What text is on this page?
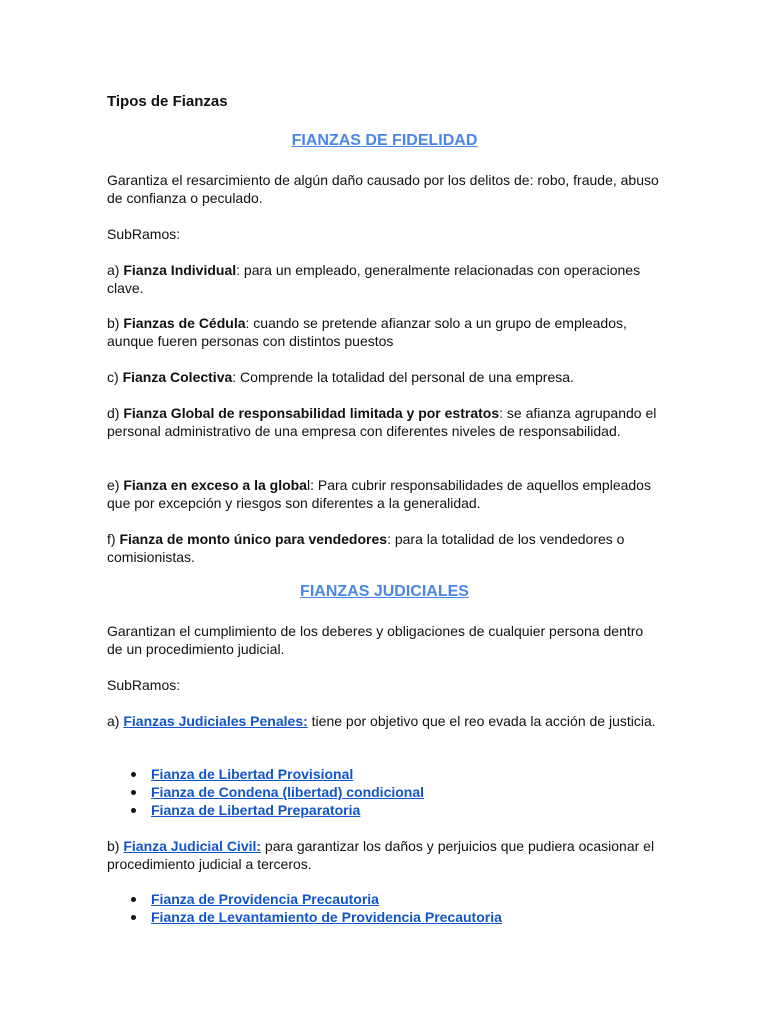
Tipos de Fianzas
FIANZAS DE FIDELIDAD

Garantiza el resarcimiento de algún daño causado por los delitos de: robo, fraude, abuso de confianza o peculado.

SubRamos:

a) Fianza Individual: para un empleado, generalmente relacionadas con operaciones clave.

b) Fianzas de Cédula: cuando se pretende afianzar solo a un grupo de empleados, aunque fueren personas con distintos puestos

c) Fianza Colectiva: Comprende la totalidad del personal de una empresa.

d) Fianza Global de responsabilidad limitada y por estratos: se afianza agrupando el personal administrativo de una empresa con diferentes niveles de responsabilidad.

e) Fianza en exceso a la global: Para cubrir responsabilidades de aquellos empleados que por excepción y riesgos son diferentes a la generalidad.

f) Fianza de monto único para vendedores: para la totalidad de los vendedores o comisionistas.

FIANZAS JUDICIALES

Garantizan el cumplimiento de los deberes y obligaciones de cualquier persona dentro de un procedimiento judicial.

SubRamos:

a) Fianzas Judiciales Penales: tiene por objetivo que el reo evada la acción de justicia.

Fianza de Libertad Provisional
Fianza de Condena (libertad) condicional
Fianza de Libertad Preparatoria

b) Fianza Judicial Civil: para garantizar los daños y perjuicios que pudiera ocasionar el procedimiento judicial a terceros.

Fianza de Providencia Precautoria
Fianza de Levantamiento de Providencia Precautoria
